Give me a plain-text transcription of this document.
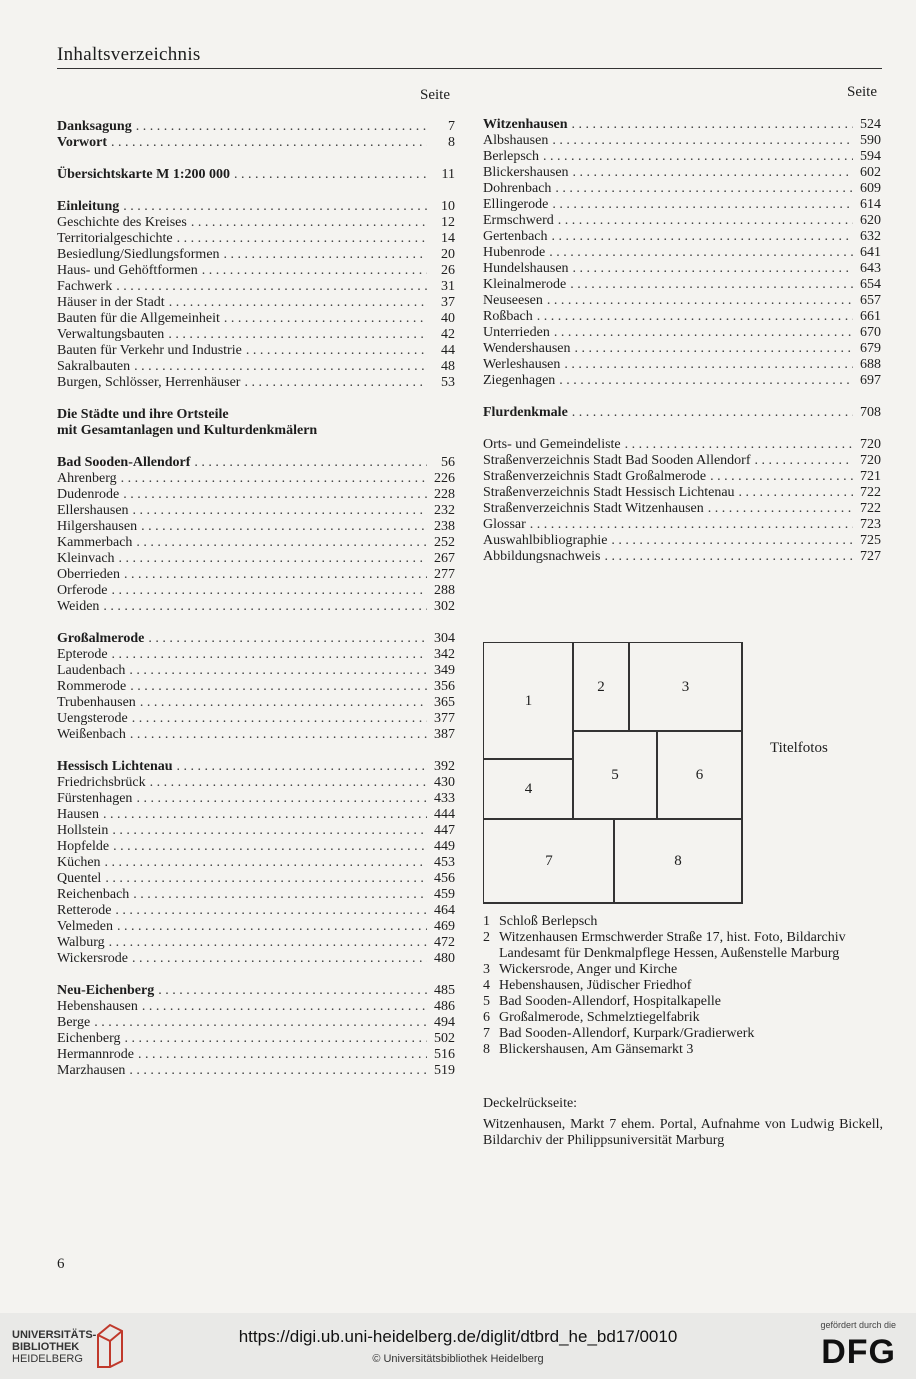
Inhaltsverzeichnis
Seite	Seite
Danksagung . . .	7
Vorwort . . .	8
Übersichtskarte M 1:200 000 . . .	11
Einleitung . . .	10
Geschichte des Kreises . . .	12
Territorialgeschichte . . .	14
Besiedlung/Siedlungsformen . . .	20
Haus- und Gehöftformen . . .	26
Fachwerk . . .	31
Häuser in der Stadt . . .	37
Bauten für die Allgemeinheit . . .	40
Verwaltungsbauten . . .	42
Bauten für Verkehr und Industrie . . .	44
Sakralbauten . . .	48
Burgen, Schlösser, Herrenhäuser . . .	53
Die Städte und ihre Ortsteile
mit Gesamtanlagen und Kulturdenkmälern
Bad Sooden-Allendorf . . .	56
Ahrenberg . . .	226
Dudenrode . . .	228
Ellershausen . . .	232
Hilgershausen . . .	238
Kammerbach . . .	252
Kleinvach . . .	267
Oberrieden . . .	277
Orferode . . .	288
Weiden . . .	302
Großalmerode . . .	304
Epterode . . .	342
Laudenbach . . .	349
Rommerode . . .	356
Trubenhausen . . .	365
Uengsterode . . .	377
Weißenbach . . .	387
Hessisch Lichtenau . . .	392
Friedrichsbrück . . .	430
Fürstenhagen . . .	433
Hausen . . .	444
Hollstein . . .	447
Hopfelde . . .	449
Küchen . . .	453
Quentel . . .	456
Reichenbach . . .	459
Retterode . . .	464
Velmeden . . .	469
Walburg . . .	472
Wickersrode . . .	480
Neu-Eichenberg . . .	485
Hebenshausen . . .	486
Berge . . .	494
Eichenberg . . .	502
Hermannrode . . .	516
Marzhausen . . .	519
Witzenhausen . . .	524
Albshausen . . .	590
Berlepsch . . .	594
Blickershausen . . .	602
Dohrenbach . . .	609
Ellingerode . . .	614
Ermschwerd . . .	620
Gertenbach . . .	632
Hubenrode . . .	641
Hundelshausen . . .	643
Kleinalmerode . . .	654
Neuseesen . . .	657
Roßbach . . .	661
Unterrieden . . .	670
Wendershausen . . .	679
Werleshausen . . .	688
Ziegenhagen . . .	697
Flurdenkmale . . .	708
Orts- und Gemeindeliste . . .	720
Straßenverzeichnis Stadt Bad Sooden Allendorf . . .	720
Straßenverzeichnis Stadt Großalmerode . . .	721
Straßenverzeichnis Stadt Hessisch Lichtenau . . .	722
Straßenverzeichnis Stadt Witzenhausen . . .	722
Glossar . . .	723
Auswahlbibliographie . . .	725
Abbildungsnachweis . . .	727
1
2	3
4
5	6
7	8
Titelfotos
1 Schloß Berlepsch
2 Witzenhausen Ermschwerder Straße 17, hist. Foto, Bildarchiv Landesamt für Denkmalpflege Hessen, Außenstelle Marburg
3 Wickersrode, Anger und Kirche
4 Hebenshausen, Jüdischer Friedhof
5 Bad Sooden-Allendorf, Hospitalkapelle
6 Großalmerode, Schmelztiegelfabrik
7 Bad Sooden-Allendorf, Kurpark/Gradierwerk
8 Blickershausen, Am Gänsemarkt 3
Deckelrückseite:
Witzenhausen, Markt 7 ehem. Portal, Aufnahme von Ludwig Bickell, Bildarchiv der Philippsuniversität Marburg
6
UNIVERSITÄTS-
BIBLIOTHEK
HEIDELBERG
https://digi.ub.uni-heidelberg.de/diglit/dtbrd_he_bd17/0010
© Universitätsbibliothek Heidelberg
gefördert durch die
DFG
